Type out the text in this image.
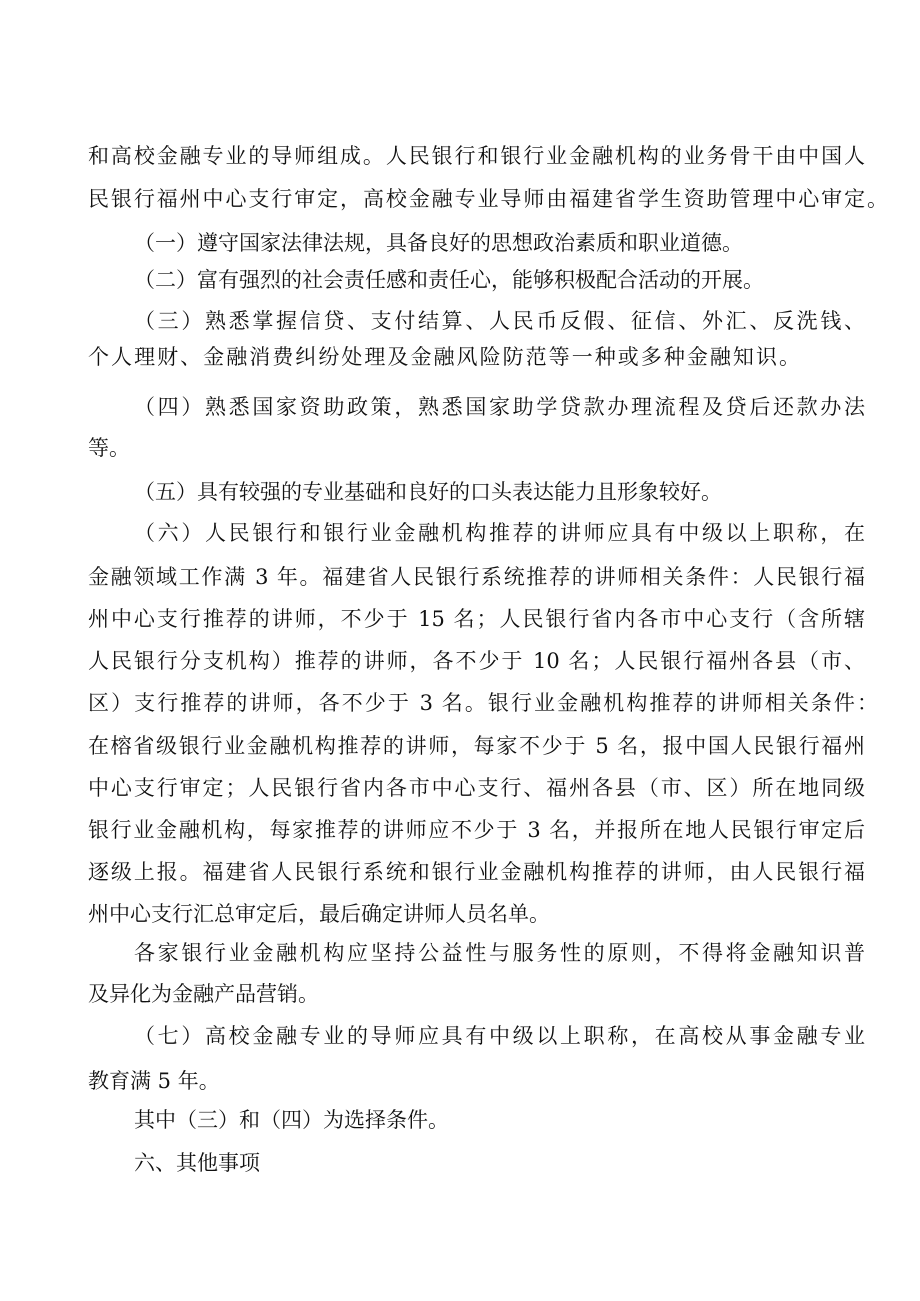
和高校金融专业的导师组成。人民银行和银行业金融机构的业务骨干由中国人
民银行福州中心支行审定，高校金融专业导师由福建省学生资助管理中心审定。
（一）遵守国家法律法规，具备良好的思想政治素质和职业道德。
（二）富有强烈的社会责任感和责任心，能够积极配合活动的开展。
（三）熟悉掌握信贷、支付结算、人民币反假、征信、外汇、反洗钱、
个人理财、金融消费纠纷处理及金融风险防范等一种或多种金融知识。
（四）熟悉国家资助政策，熟悉国家助学贷款办理流程及贷后还款办法
等。
（五）具有较强的专业基础和良好的口头表达能力且形象较好。
（六）人民银行和银行业金融机构推荐的讲师应具有中级以上职称，在
金融领域工作满 3 年。福建省人民银行系统推荐的讲师相关条件：人民银行福
州中心支行推荐的讲师，不少于 15 名；人民银行省内各市中心支行（含所辖
人民银行分支机构）推荐的讲师，各不少于 10 名；人民银行福州各县（市、
区）支行推荐的讲师，各不少于 3 名。银行业金融机构推荐的讲师相关条件：
在榕省级银行业金融机构推荐的讲师，每家不少于 5 名，报中国人民银行福州
中心支行审定；人民银行省内各市中心支行、福州各县（市、区）所在地同级
银行业金融机构，每家推荐的讲师应不少于 3 名，并报所在地人民银行审定后
逐级上报。福建省人民银行系统和银行业金融机构推荐的讲师，由人民银行福
州中心支行汇总审定后，最后确定讲师人员名单。
各家银行业金融机构应坚持公益性与服务性的原则，不得将金融知识普
及异化为金融产品营销。
（七）高校金融专业的导师应具有中级以上职称，在高校从事金融专业
教育满 5 年。
其中（三）和（四）为选择条件。
六、其他事项
